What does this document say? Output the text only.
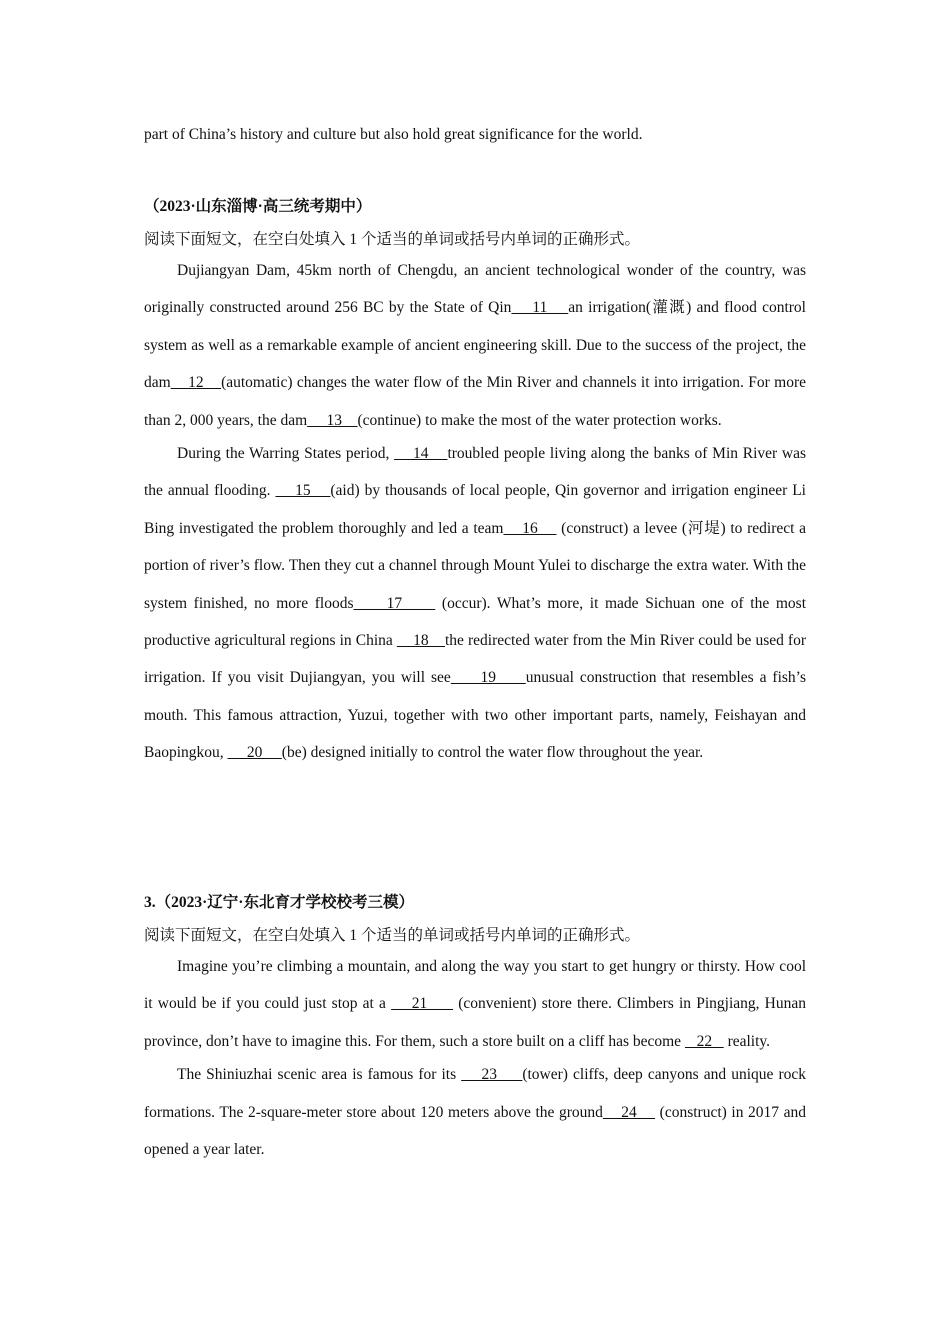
part of China’s history and culture but also hold great significance for the world.

（2023·山东淄博·高三统考期中）

阅读下面短文，在空白处填入 1 个适当的单词或括号内单词的正确形式。

Dujiangyan Dam, 45km north of Chengdu, an ancient technological wonder of the country, was originally constructed around 256 BC by the State of Qin    11    an irrigation(灌溉) and flood control system as well as a remarkable example of ancient engineering skill. Due to the success of the project, the dam    12    (automatic) changes the water flow of the Min River and channels it into irrigation. For more than 2, 000 years, the dam     13    (continue) to make the most of the water protection works.

During the Warring States period,     14    troubled people living along the banks of Min River was the annual flooding.     15    (aid) by thousands of local people, Qin governor and irrigation engineer Li Bing investigated the problem thoroughly and led a team    16     (construct) a levee (河堤) to redirect a portion of river’s flow. Then they cut a channel through Mount Yulei to discharge the extra water. With the system finished, no more floods     17      (occur). What’s more, it made Sichuan one of the most productive agricultural regions in China     18    the redirected water from the Min River could be used for irrigation. If you visit Dujiangyan, you will see     19     unusual construction that resembles a fish’s mouth. This famous attraction, Yuzui, together with two other important parts, namely, Feishayan and Baopingkou,      20     (be) designed initially to control the water flow throughout the year.

3.（2023·辽宁·东北育才学校校考三模）

阅读下面短文，在空白处填入 1 个适当的单词或括号内单词的正确形式。

Imagine you’re climbing a mountain, and along the way you start to get hungry or thirsty. How cool it would be if you could just stop at a     21      (convenient) store there. Climbers in Pingjiang, Hunan province, don’t have to imagine this. For them, such a store built on a cliff has become    22    reality.

The Shiniuzhai scenic area is famous for its     23     (tower) cliffs, deep canyons and unique rock formations. The 2-square-meter store about 120 meters above the ground    24     (construct) in 2017 and opened a year later.
